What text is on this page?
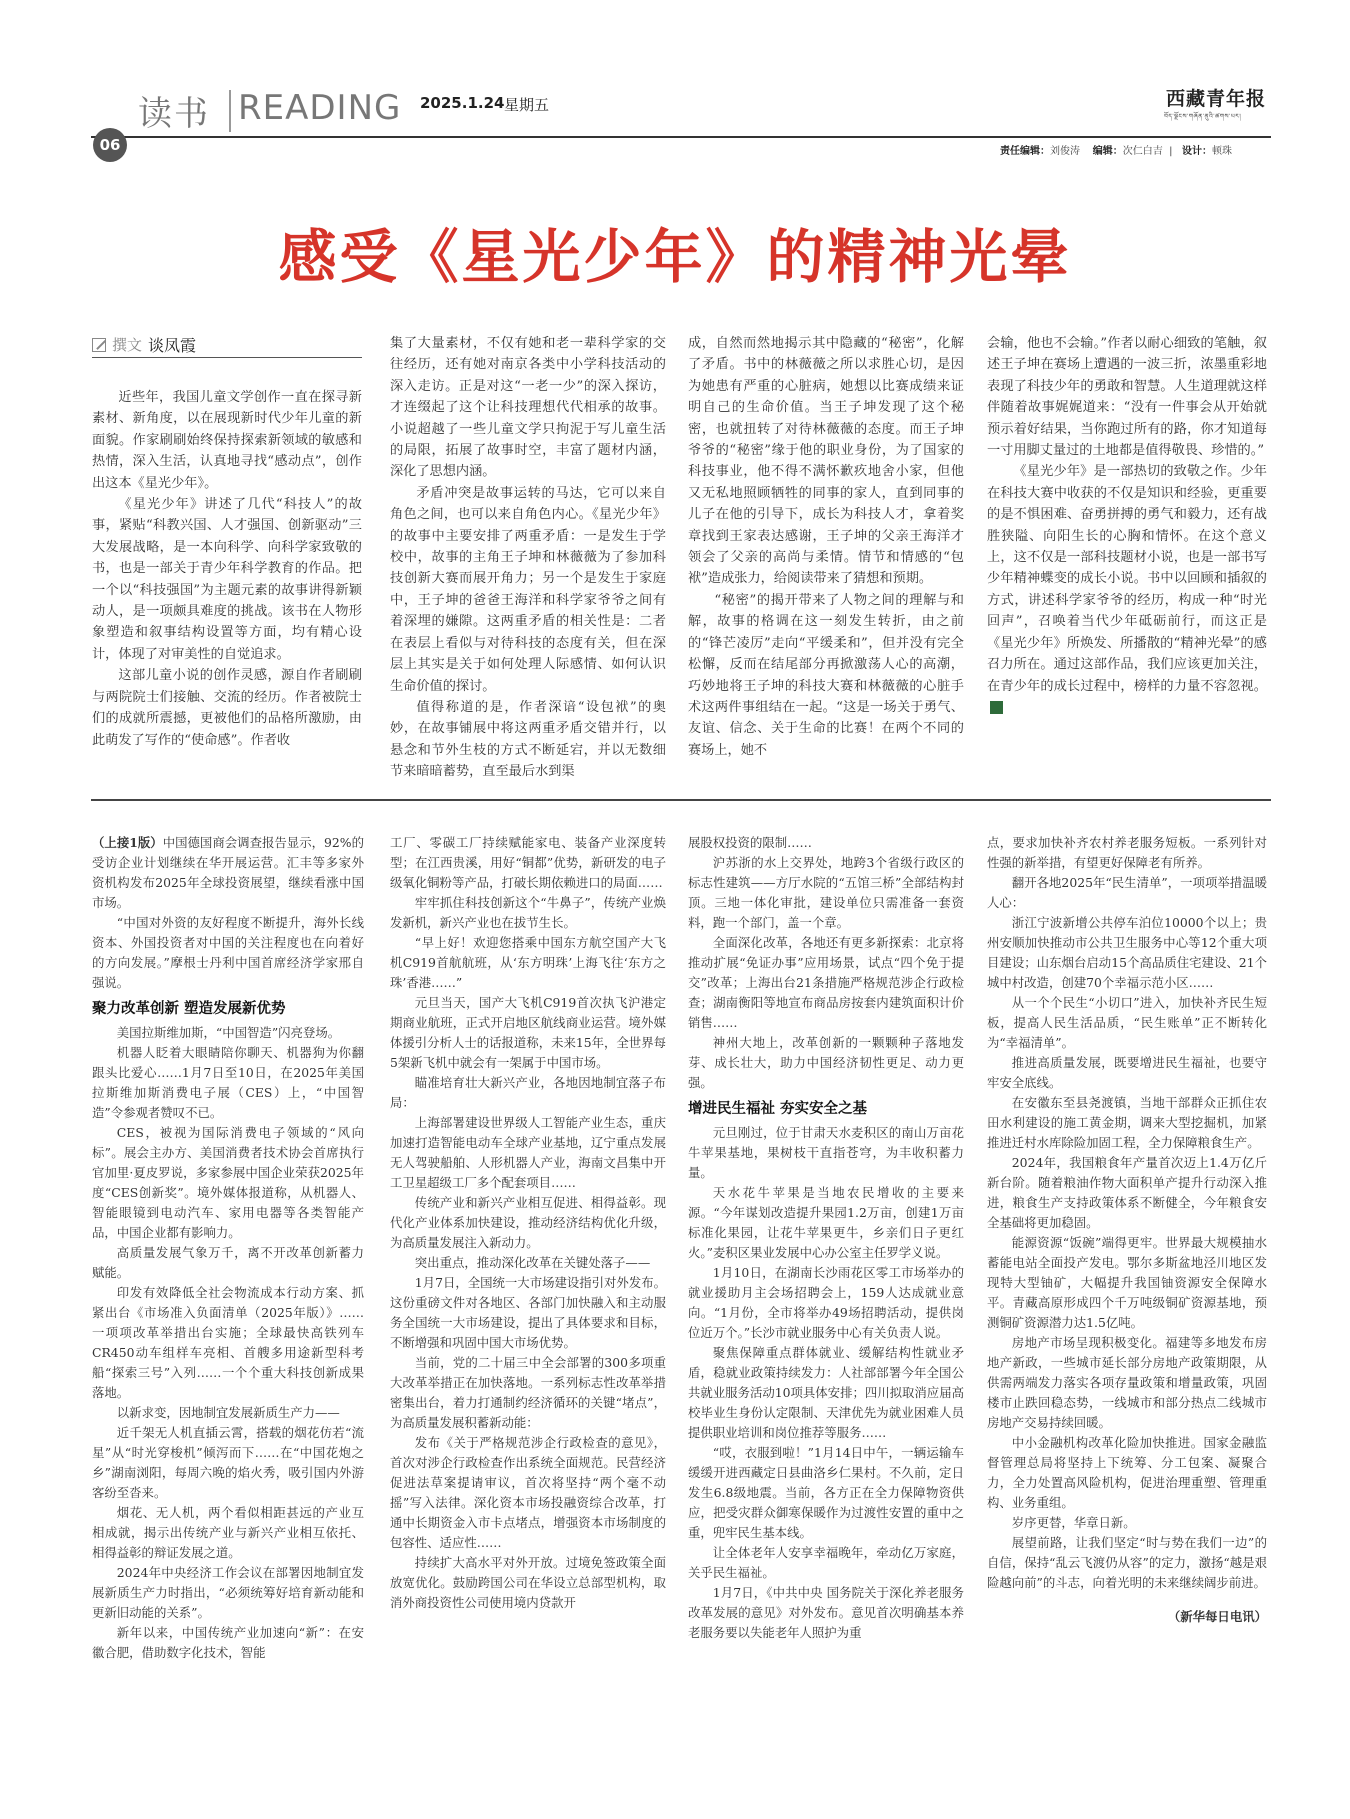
读书 READING 2025.1.24 星期五
06
西藏青年报
བོད་ལྗོངས་གཞོན་ནུའི་ཚགས་པར།
责任编辑：刘俊涛 编辑：次仁白吉  |   设计：顿珠
感受《星光少年》的精神光晕
撰文 谈凤霞

近些年，我国儿童文学创作一直在探寻新素材、新角度，以在展现新时代少年儿童的新面貌。作家刷刷始终保持探索新领域的敏感和热情，深入生活，认真地寻找“感动点”，创作出这本《星光少年》。

《星光少年》讲述了几代“科技人”的故事，紧贴“科教兴国、人才强国、创新驱动”三大发展战略，是一本向科学、向科学家致敬的书，也是一部关于青少年科学教育的作品。把一个以“科技强国”为主题元素的故事讲得新颖动人，是一项颇具难度的挑战。该书在人物形象塑造和叙事结构设置等方面，均有精心设计，体现了对审美性的自觉追求。

这部儿童小说的创作灵感，源自作者刷刷与两院院士们接触、交流的经历。作者被院士们的成就所震撼，更被他们的品格所激励，由此萌发了写作的“使命感”。作者收

集了大量素材，不仅有她和老一辈科学家的交往经历，还有她对南京各类中小学科技活动的深入走访。正是对这“一老一少”的深入探访，才连缀起了这个让科技理想代代相承的故事。小说超越了一些儿童文学只拘泥于写儿童生活的局限，拓展了故事时空，丰富了题材内涵，深化了思想内涵。

矛盾冲突是故事运转的马达，它可以来自角色之间，也可以来自角色内心。《星光少年》的故事中主要安排了两重矛盾：一是发生于学校中，故事的主角王子坤和林薇薇为了参加科技创新大赛而展开角力；另一个是发生于家庭中，王子坤的爸爸王海洋和科学家爷爷之间有着深埋的嫌隙。这两重矛盾的相关性是：二者在表层上看似与对待科技的态度有关，但在深层上其实是关于如何处理人际感情、如何认识生命价值的探讨。

值得称道的是，作者深谙“设包袱”的奥妙，在故事铺展中将这两重矛盾交错并行，以悬念和节外生枝的方式不断延宕，并以无数细节来暗暗蓄势，直至最后水到渠

成，自然而然地揭示其中隐藏的“秘密”，化解了矛盾。书中的林薇薇之所以求胜心切，是因为她患有严重的心脏病，她想以比赛成绩来证明自己的生命价值。当王子坤发现了这个秘密，也就扭转了对待林薇薇的态度。而王子坤爷爷的“秘密”缘于他的职业身份，为了国家的科技事业，他不得不满怀歉疚地舍小家，但他又无私地照顾牺牲的同事的家人，直到同事的儿子在他的引导下，成长为科技人才，拿着奖章找到王家表达感谢，王子坤的父亲王海洋才领会了父亲的高尚与柔情。情节和情感的“包袱”造成张力，给阅读带来了猜想和预期。

“秘密”的揭开带来了人物之间的理解与和解，故事的格调在这一刻发生转折，由之前的“锋芒凌厉”走向“平缓柔和”，但并没有完全松懈，反而在结尾部分再掀激荡人心的高潮，巧妙地将王子坤的科技大赛和林薇薇的心脏手术这两件事组结在一起。“这是一场关于勇气、友谊、信念、关于生命的比赛！在两个不同的赛场上，她不

会输，他也不会输。”作者以耐心细致的笔触，叙述王子坤在赛场上遭遇的一波三折，浓墨重彩地表现了科技少年的勇敢和智慧。人生道理就这样伴随着故事娓娓道来：“没有一件事会从开始就预示着好结果，当你跑过所有的路，你才知道每一寸用脚丈量过的土地都是值得敬畏、珍惜的。”

《星光少年》是一部热切的致敬之作。少年在科技大赛中收获的不仅是知识和经验，更重要的是不惧困难、奋勇拼搏的勇气和毅力，还有战胜狭隘、向阳生长的心胸和情怀。在这个意义上，这不仅是一部科技题材小说，也是一部书写少年精神蝶变的成长小说。书中以回顾和插叙的方式，讲述科学家爷爷的经历，构成一种“时光回声”，召唤着当代少年砥砺前行，而这正是《星光少年》所焕发、所播散的“精神光晕”的感召力所在。通过这部作品，我们应该更加关注，在青少年的成长过程中，榜样的力量不容忽视。

（上接1版）中国德国商会调查报告显示，92%的受访企业计划继续在华开展运营。汇丰等多家外资机构发布2025年全球投资展望，继续看涨中国市场。

“中国对外资的友好程度不断提升，海外长线资本、外国投资者对中国的关注程度也在向着好的方向发展。”摩根士丹利中国首席经济学家邢自强说。

聚力改革创新 塑造发展新优势

美国拉斯维加斯，“中国智造”闪亮登场。

机器人眨着大眼睛陪你聊天、机器狗为你翻跟头比爱心……1月7日至10日，在2025年美国拉斯维加斯消费电子展（CES）上，“中国智造”令参观者赞叹不已。

CES，被视为国际消费电子领域的“风向标”。展会主办方、美国消费者技术协会首席执行官加里·夏皮罗说，多家参展中国企业荣获2025年度“CES创新奖”。境外媒体报道称，从机器人、智能眼镜到电动汽车、家用电器等各类智能产品，中国企业都有影响力。

高质量发展气象万千，离不开改革创新蓄力赋能。

印发有效降低全社会物流成本行动方案、抓紧出台《市场准入负面清单（2025年版）》……一项项改革举措出台实施；全球最快高铁列车CR450动车组样车亮相、首艘多用途新型科考船“探索三号”入列……一个个重大科技创新成果落地。

以新求变，因地制宜发展新质生产力——

近千架无人机直插云霄，搭载的烟花仿若“流星”从“时光穿梭机”倾泻而下……在“中国花炮之乡”湖南浏阳，每周六晚的焰火秀，吸引国内外游客纷至沓来。

烟花、无人机，两个看似相距甚远的产业互相成就，揭示出传统产业与新兴产业相互依托、相得益彰的辩证发展之道。

2024年中央经济工作会议在部署因地制宜发展新质生产力时指出，“必须统筹好培育新动能和更新旧动能的关系”。

新年以来，中国传统产业加速向“新”：在安徽合肥，借助数字化技术，智能

工厂、零碳工厂持续赋能家电、装备产业深度转型；在江西贵溪，用好“铜都”优势，新研发的电子级氧化铜粉等产品，打破长期依赖进口的局面……

牢牢抓住科技创新这个“牛鼻子”，传统产业焕发新机，新兴产业也在拔节生长。

“早上好！欢迎您搭乘中国东方航空国产大飞机C919首航航班，从‘东方明珠’上海飞往‘东方之珠’香港……”

元旦当天，国产大飞机C919首次执飞沪港定期商业航班，正式开启地区航线商业运营。境外媒体援引分析人士的话报道称，未来15年，全世界每5架新飞机中就会有一架属于中国市场。

瞄准培育壮大新兴产业，各地因地制宜落子布局：

上海部署建设世界级人工智能产业生态，重庆加速打造智能电动车全球产业基地，辽宁重点发展无人驾驶船舶、人形机器人产业，海南文昌集中开工卫星超级工厂多个配套项目……

传统产业和新兴产业相互促进、相得益彰。现代化产业体系加快建设，推动经济结构优化升级，为高质量发展注入新动力。

突出重点，推动深化改革在关键处落子——

1月7日，全国统一大市场建设指引对外发布。这份重磅文件对各地区、各部门加快融入和主动服务全国统一大市场建设，提出了具体要求和目标，不断增强和巩固中国大市场优势。

当前，党的二十届三中全会部署的300多项重大改革举措正在加快落地。一系列标志性改革举措密集出台，着力打通制约经济循环的关键“堵点”，为高质量发展积蓄新动能：

发布《关于严格规范涉企行政检查的意见》，首次对涉企行政检查作出系统全面规范。民营经济促进法草案提请审议，首次将坚持“两个毫不动摇”写入法律。深化资本市场投融资综合改革，打通中长期资金入市卡点堵点，增强资本市场制度的包容性、适应性……

持续扩大高水平对外开放。过境免签政策全面放宽优化。鼓励跨国公司在华设立总部型机构，取消外商投资性公司使用境内贷款开

展股权投资的限制……

沪苏浙的水上交界处，地跨3个省级行政区的标志性建筑——方厅水院的“五馆三桥”全部结构封顶。三地一体化审批，建设单位只需准备一套资料，跑一个部门，盖一个章。

全面深化改革，各地还有更多新探索：北京将推动扩展“免证办事”应用场景，试点“四个免于提交”改革；上海出台21条措施严格规范涉企行政检查；湖南衡阳等地宣布商品房按套内建筑面积计价销售……

神州大地上，改革创新的一颗颗种子落地发芽、成长壮大，助力中国经济韧性更足、动力更强。

增进民生福祉 夯实安全之基

元旦刚过，位于甘肃天水麦积区的南山万亩花牛苹果基地，果树枝干直指苍穹，为丰收积蓄力量。

天水花牛苹果是当地农民增收的主要来源。“今年谋划改造提升果园1.2万亩，创建1万亩标准化果园，让花牛苹果更牛，乡亲们日子更红火。”麦积区果业发展中心办公室主任罗学义说。

1月10日，在湖南长沙雨花区零工市场举办的就业援助月主会场招聘会上，159人达成就业意向。“1月份，全市将举办49场招聘活动，提供岗位近万个。”长沙市就业服务中心有关负责人说。

聚焦保障重点群体就业、缓解结构性就业矛盾，稳就业政策持续发力：人社部部署今年全国公共就业服务活动10项具体安排；四川拟取消应届高校毕业生身份认定限制、天津优先为就业困难人员提供职业培训和岗位推荐等服务……

“哎，衣服到啦！”1月14日中午，一辆运输车缓缓开进西藏定日县曲洛乡仁果村。不久前，定日发生6.8级地震。当前，各方正在全力保障物资供应，把受灾群众御寒保暖作为过渡性安置的重中之重，兜牢民生基本线。

让全体老年人安享幸福晚年，牵动亿万家庭，关乎民生福祉。

1月7日，《中共中央 国务院关于深化养老服务改革发展的意见》对外发布。意见首次明确基本养老服务要以失能老年人照护为重

点，要求加快补齐农村养老服务短板。一系列针对性强的新举措，有望更好保障老有所养。

翻开各地2025年“民生清单”，一项项举措温暖人心：

浙江宁波新增公共停车泊位10000个以上；贵州安顺加快推动市公共卫生服务中心等12个重大项目建设；山东烟台启动15个高品质住宅建设、21个城中村改造，创建70个幸福示范小区……

从一个个民生“小切口”进入，加快补齐民生短板，提高人民生活品质，“民生账单”正不断转化为“幸福清单”。

推进高质量发展，既要增进民生福祉，也要守牢安全底线。

在安徽东至县尧渡镇，当地干部群众正抓住农田水利建设的施工黄金期，调来大型挖掘机，加紧推进迁村水库除险加固工程，全力保障粮食生产。

2024年，我国粮食年产量首次迈上1.4万亿斤新台阶。随着粮油作物大面积单产提升行动深入推进，粮食生产支持政策体系不断健全，今年粮食安全基础将更加稳固。

能源资源“饭碗”端得更牢。世界最大规模抽水蓄能电站全面投产发电。鄂尔多斯盆地泾川地区发现特大型铀矿，大幅提升我国铀资源安全保障水平。青藏高原形成四个千万吨级铜矿资源基地，预测铜矿资源潜力达1.5亿吨。

房地产市场呈现积极变化。福建等多地发布房地产新政，一些城市延长部分房地产政策期限，从供需两端发力落实各项存量政策和增量政策，巩固楼市止跌回稳态势，一线城市和部分热点二线城市房地产交易持续回暖。

中小金融机构改革化险加快推进。国家金融监督管理总局将坚持上下统筹、分工包案、凝聚合力，全力处置高风险机构，促进治理重塑、管理重构、业务重组。

岁序更替，华章日新。

展望前路，让我们坚定“时与势在我们一边”的自信，保持“乱云飞渡仍从容”的定力，激扬“越是艰险越向前”的斗志，向着光明的未来继续阔步前进。

（新华每日电讯）
